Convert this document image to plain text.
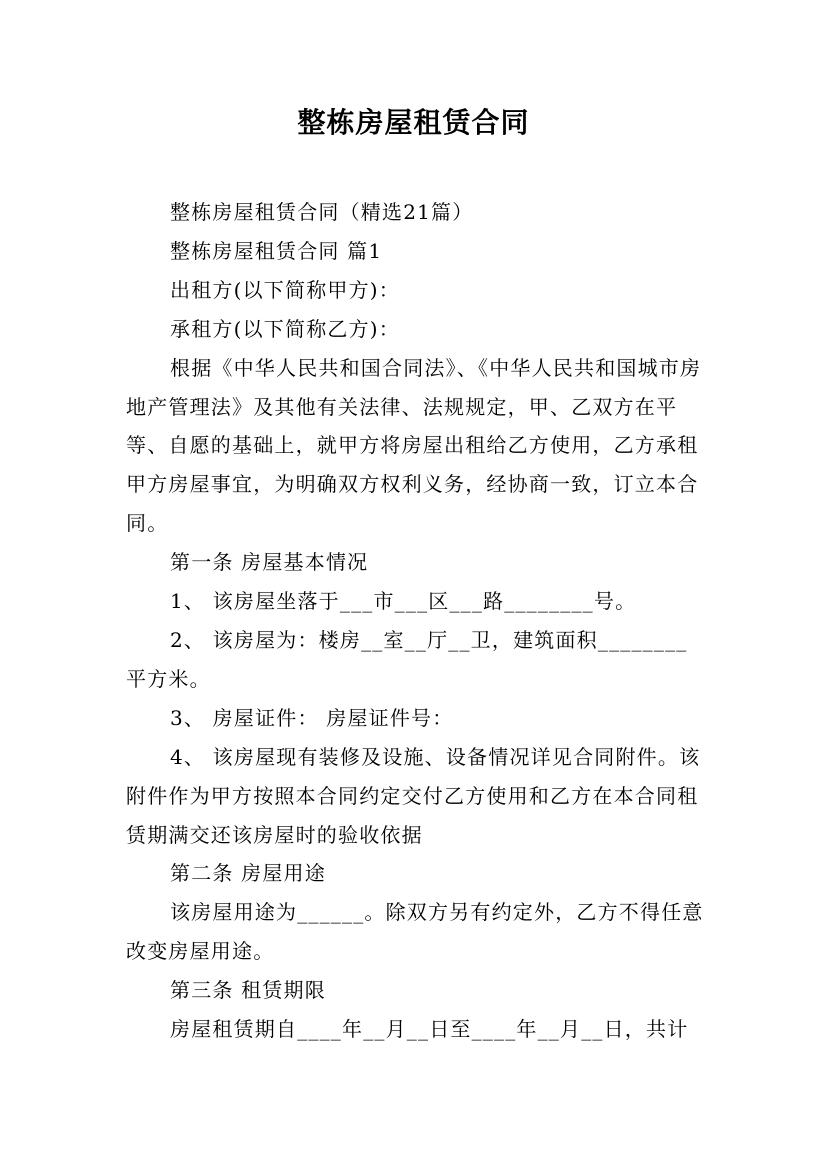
整栋房屋租赁合同

整栋房屋租赁合同（精选21篇）

整栋房屋租赁合同 篇1

出租方(以下简称甲方)：

承租方(以下简称乙方)：

根据《中华人民共和国合同法》、《中华人民共和国城市房地产管理法》及其他有关法律、法规规定，甲、乙双方在平等、自愿的基础上，就甲方将房屋出租给乙方使用，乙方承租甲方房屋事宜，为明确双方权利义务，经协商一致，订立本合同。

第一条 房屋基本情况

1、 该房屋坐落于___市___区___路________号。

2、 该房屋为：楼房__室__厅__卫，建筑面积________平方米。

3、 房屋证件： 房屋证件号：

4、 该房屋现有装修及设施、设备情况详见合同附件。该附件作为甲方按照本合同约定交付乙方使用和乙方在本合同租赁期满交还该房屋时的验收依据

第二条 房屋用途

该房屋用途为______。除双方另有约定外，乙方不得任意改变房屋用途。

第三条 租赁期限

房屋租赁期自____年__月__日至____年__月__日，共计
